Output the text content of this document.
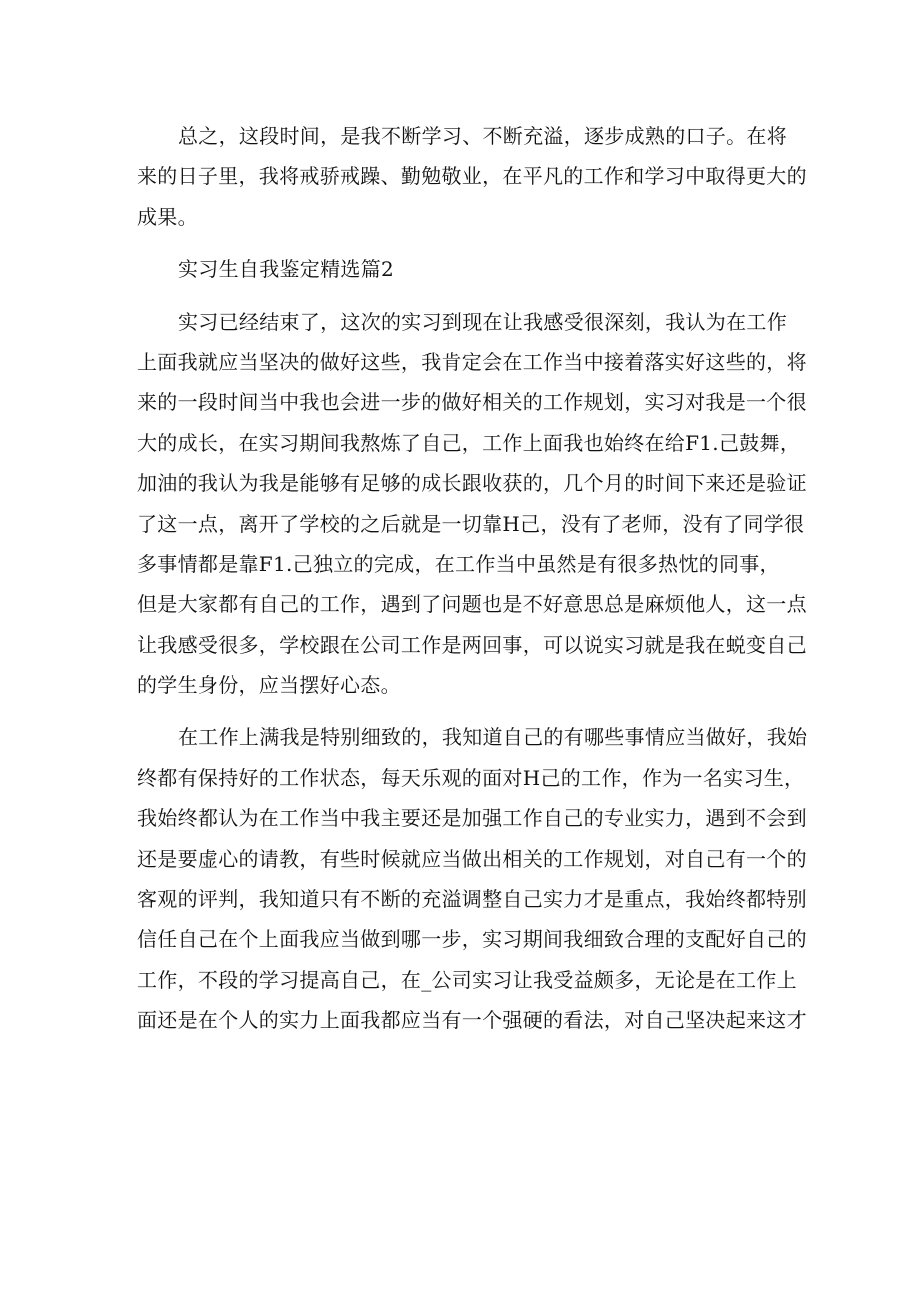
总之，这段时间，是我不断学习、不断充溢，逐步成熟的口子。在将
来的日子里，我将戒骄戒躁、勤勉敬业，在平凡的工作和学习中取得更大的
成果。
实习生自我鉴定精选篇2
实习已经结束了，这次的实习到现在让我感受很深刻，我认为在工作
上面我就应当坚决的做好这些，我肯定会在工作当中接着落实好这些的，将
来的一段时间当中我也会进一步的做好相关的工作规划，实习对我是一个很
大的成长，在实习期间我熬炼了自己，工作上面我也始终在给F1.己鼓舞，
加油的我认为我是能够有足够的成长跟收获的，几个月的时间下来还是验证
了这一点，离开了学校的之后就是一切靠H己，没有了老师，没有了同学很
多事情都是靠F1.己独立的完成，在工作当中虽然是有很多热忱的同事，
但是大家都有自己的工作，遇到了问题也是不好意思总是麻烦他人，这一点
让我感受很多，学校跟在公司工作是两回事，可以说实习就是我在蜕变自己
的学生身份，应当摆好心态。
在工作上满我是特别细致的，我知道自己的有哪些事情应当做好，我始
终都有保持好的工作状态，每天乐观的面对H己的工作，作为一名实习生，
我始终都认为在工作当中我主要还是加强工作自己的专业实力，遇到不会到
还是要虚心的请教，有些时候就应当做出相关的工作规划，对自己有一个的
客观的评判，我知道只有不断的充溢调整自己实力才是重点，我始终都特别
信任自己在个上面我应当做到哪一步，实习期间我细致合理的支配好自己的
工作，不段的学习提高自己，在_公司实习让我受益颇多，无论是在工作上
面还是在个人的实力上面我都应当有一个强硬的看法，对自己坚决起来这才
